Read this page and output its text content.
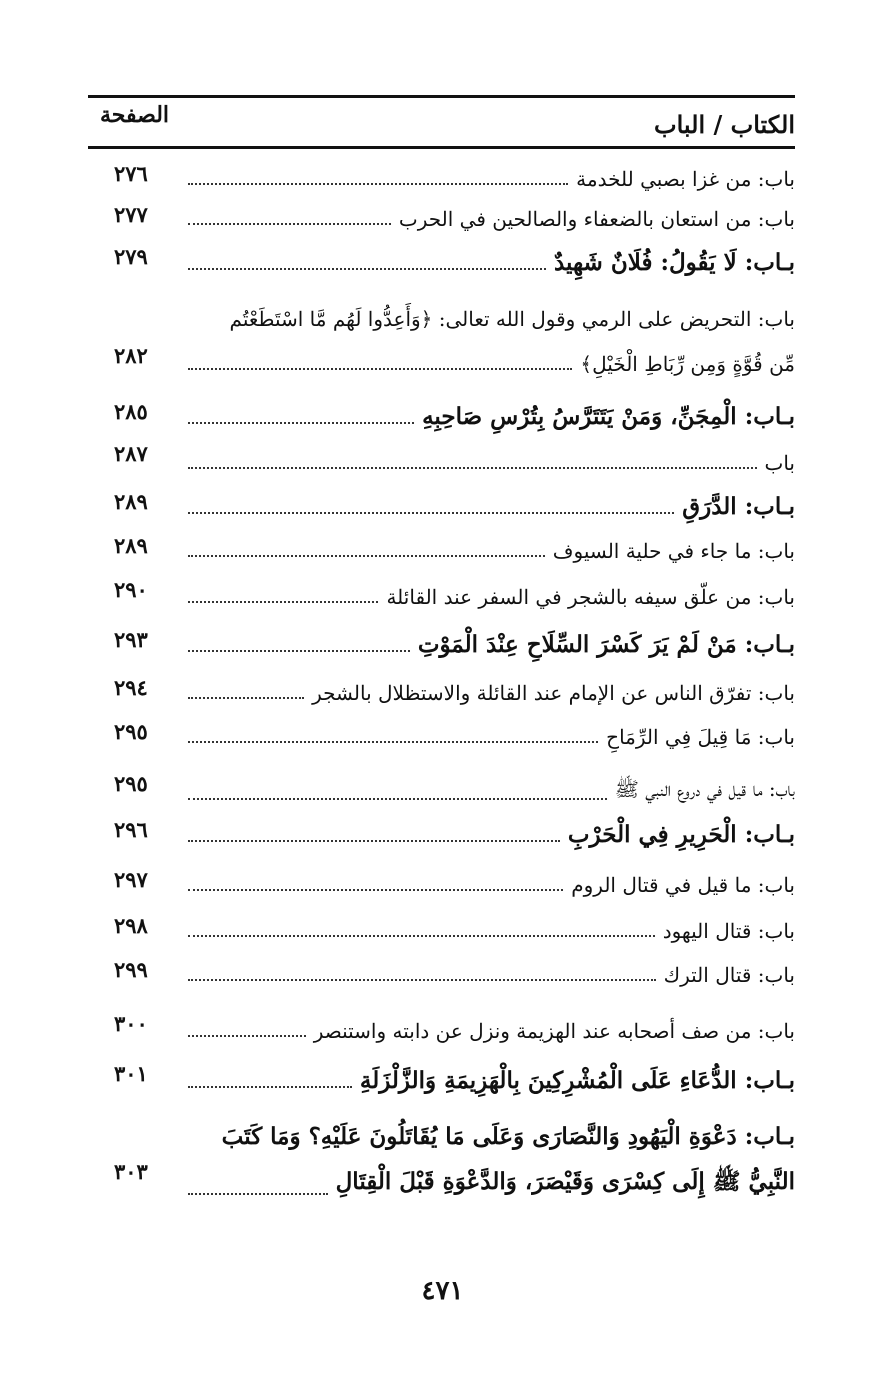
الصفحة	الكتاب / الباب
٢٧٦	باب: من غزا بصبي للخدمة
٢٧٧	باب: من استعان بالضعفاء والصالحين في الحرب
٢٧٩	بـاب: لَا يَقُولُ: فُلَانٌ شَهِيدٌ
باب: التحريض على الرمي وقول الله تعالى: ﴿وَأَعِدُّوا لَهُم مَّا اسْتَطَعْتُم
٢٨٢	مِّن قُوَّةٍ وَمِن رِّبَاطِ الْخَيْلِ﴾
٢٨٥	بـاب: الْمِجَنِّ، وَمَنْ يَتَتَرَّسُ بِتُرْسِ صَاحِبِهِ
٢٨٧	باب
٢٨٩	بـاب: الدَّرَقِ
٢٨٩	باب: ما جاء في حلية السيوف
٢٩٠	باب: من علّق سيفه بالشجر في السفر عند القائلة
٢٩٣	بـاب: مَنْ لَمْ يَرَ كَسْرَ السِّلَاحِ عِنْدَ الْمَوْتِ
٢٩٤	باب: تفرّق الناس عن الإمام عند القائلة والاستظلال بالشجر
٢٩٥	باب: مَا قِيلَ فِي الرِّمَاحِ
٢٩٥	باب: ما قيل في دروع النبي ﷺ
٢٩٦	بـاب: الْحَرِيرِ فِي الْحَرْبِ
٢٩٧	باب: ما قيل في قتال الروم
٢٩٨	باب: قتال اليهود
٢٩٩	باب: قتال الترك
٣٠٠	باب: من صف أصحابه عند الهزيمة ونزل عن دابته واستنصر
٣٠١	بـاب: الدُّعَاءِ عَلَى الْمُشْرِكِينَ بِالْهَزِيمَةِ وَالزَّلْزَلَةِ
بـاب: دَعْوَةِ الْيَهُودِ وَالنَّصَارَى وَعَلَى مَا يُقَاتَلُونَ عَلَيْهِ؟ وَمَا كَتَبَ
٣٠٣	النَّبِيُّ ﷺ إِلَى كِسْرَى وَقَيْصَرَ، وَالدَّعْوَةِ قَبْلَ الْقِتَالِ
٤٧١
